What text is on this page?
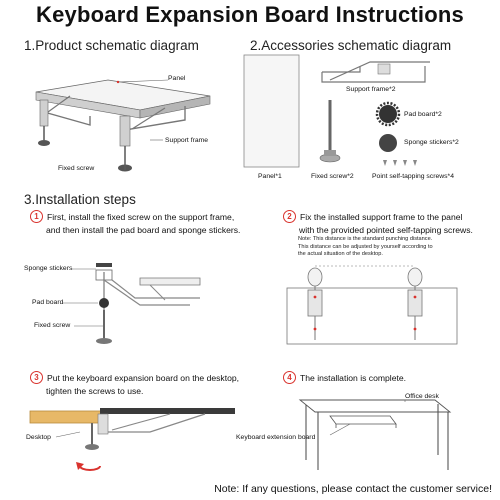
Keyboard Expansion Board Instructions
1.Product schematic diagram	2.Accessories schematic diagram
3.Installation steps
Panel
Support frame
Fixed screw
Support frame*2
Pad board*2
Sponge stickers*2
Panel*1	Fixed screw*2	Point self-tapping screws*4
1 First, install the fixed screw on the support frame,
and then install the pad board and sponge stickers.
Sponge stickers
Pad board
Fixed screw
2 Fix the installed support frame to the panel
with the provided pointed self-tapping screws.
Note: This distance is the standard punching distance.
This distance can be adjusted by yourself according to
the actual situation of the desktop.
3 Put the keyboard expansion board on the desktop,
tighten the screws to use.
Desktop
4 The installation is complete.
Office desk
Keyboard extension board
Note: If any questions, please contact the customer service!
